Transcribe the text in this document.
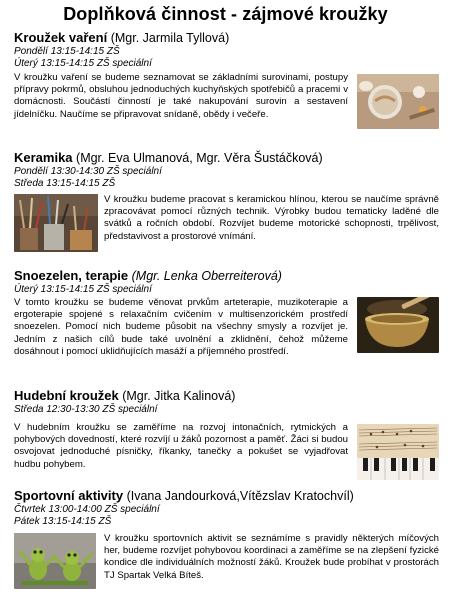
Doplňková činnost - zájmové kroužky
Kroužek vaření (Mgr. Jarmila Tyllová)
Pondělí 13:15-14:15 ZŠ
Úterý 13:15-14:15 ZŠ speciální
V kroužku vaření se budeme seznamovat se základními surovinami, postupy přípravy pokrmů, obsluhou jednoduchých kuchyňských spotřebičů a pracemi v domácnosti. Součástí činností je také nakupování surovin a sestavení jídelníčku. Naučíme se připravovat snídaně, obědy i večeře.
Keramika (Mgr. Eva Ulmanová, Mgr. Věra Šustáčková)
Pondělí 13:30-14:30 ZŠ speciální
Středa 13:15-14:15 ZŠ
V kroužku budeme pracovat s keramickou hlínou, kterou se naučíme správně zpracovávat pomocí různých technik. Výrobky budou tematicky laděné dle svátků a ročních období. Rozvíjet budeme motorické schopnosti, trpělivost, představivost a prostorové vnímání.
Snoezelen, terapie (Mgr. Lenka Oberreiterová)
Úterý 13:15-14:15 ZŠ speciální
V tomto kroužku se budeme věnovat prvkům arteterapie, muzikoterapie a ergoterapie spojené s relaxačním cvičením v multisenzorickém prostředí snoezelen. Pomocí nich budeme působit na všechny smysly a rozvíjet je. Jedním z našich cílů bude také uvolnění a zklidnění, čehož můžeme dosáhnout i pomocí uklidňujících masáží a příjemného prostředí.
Hudební kroužek (Mgr. Jitka Kalinová)
Středa 12:30-13:30 ZŠ speciální
V hudebním kroužku se zaměříme na rozvoj intonačních, rytmických a pohybových dovedností, které rozvíjí u žáků pozornost a paměť. Žáci si budou osvojovat jednoduché písničky, říkanky, tanečky a pokušet se vyjadřovat hudbu pohybem.
Sportovní aktivity (Ivana Jandourková,Vítězslav Kratochvíl)
Čtvrtek 13:00-14:00 ZŠ speciální
Pátek 13:15-14:15 ZŠ
V kroužku sportovních aktivit se seznámíme s pravidly některých míčových her, budeme rozvíjet pohybovou koordinaci a zaměříme se na zlepšení fyzické kondice dle individuálních možností žáků. Kroužek bude probíhat v prostorách TJ Spartak Velká Bíteš.
